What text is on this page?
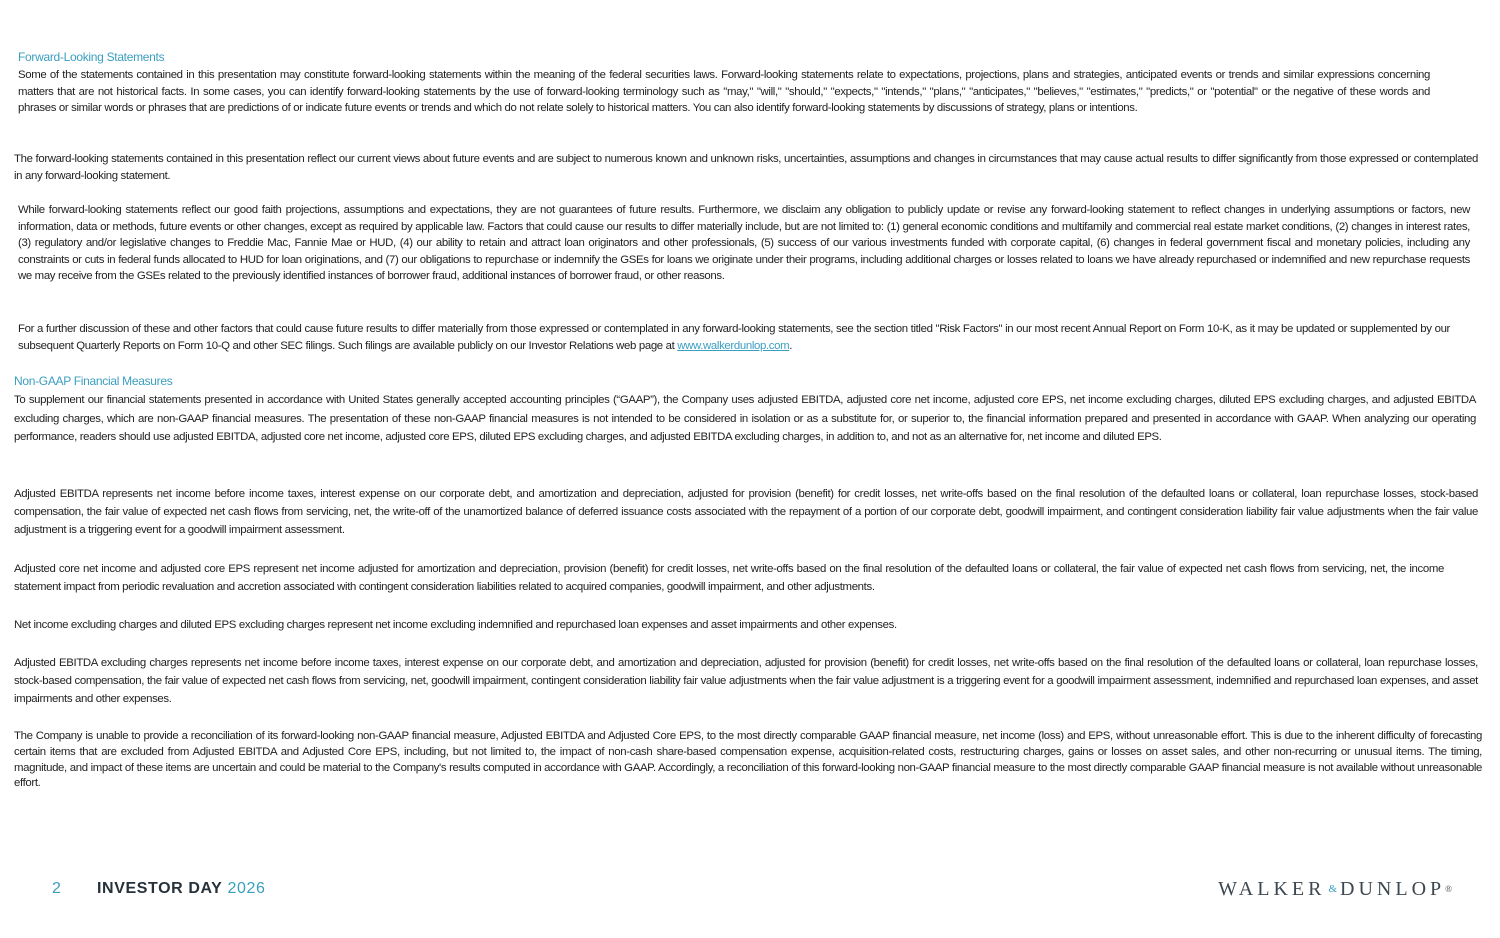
Forward-Looking Statements

Some of the statements contained in this presentation may constitute forward-looking statements within the meaning of the federal securities laws. Forward-looking statements relate to expectations, projections, plans and strategies, anticipated events or trends and similar expressions concerning matters that are not historical facts. In some cases, you can identify forward-looking statements by the use of forward-looking terminology such as "may," "will," "should," "expects," "intends," "plans," "anticipates," "believes," "estimates," "predicts," or "potential" or the negative of these words and phrases or similar words or phrases that are predictions of or indicate future events or trends and which do not relate solely to historical matters. You can also identify forward-looking statements by discussions of strategy, plans or intentions.

The forward-looking statements contained in this presentation reflect our current views about future events and are subject to numerous known and unknown risks, uncertainties, assumptions and changes in circumstances that may cause actual results to differ significantly from those expressed or contemplated in any forward-looking statement.

While forward-looking statements reflect our good faith projections, assumptions and expectations, they are not guarantees of future results. Furthermore, we disclaim any obligation to publicly update or revise any forward-looking statement to reflect changes in underlying assumptions or factors, new information, data or methods, future events or other changes, except as required by applicable law. Factors that could cause our results to differ materially include, but are not limited to: (1) general economic conditions and multifamily and commercial real estate market conditions, (2) changes in interest rates, (3) regulatory and/or legislative changes to Freddie Mac, Fannie Mae or HUD, (4) our ability to retain and attract loan originators and other professionals, (5) success of our various investments funded with corporate capital, (6) changes in federal government fiscal and monetary policies, including any constraints or cuts in federal funds allocated to HUD for loan originations, and (7) our obligations to repurchase or indemnify the GSEs for loans we originate under their programs, including additional charges or losses related to loans we have already repurchased or indemnified and new repurchase requests we may receive from the GSEs related to the previously identified instances of borrower fraud, additional instances of borrower fraud, or other reasons.

For a further discussion of these and other factors that could cause future results to differ materially from those expressed or contemplated in any forward-looking statements, see the section titled "Risk Factors" in our most recent Annual Report on Form 10-K, as it may be updated or supplemented by our subsequent Quarterly Reports on Form 10-Q and other SEC filings. Such filings are available publicly on our Investor Relations web page at www.walkerdunlop.com.

Non-GAAP Financial Measures

To supplement our financial statements presented in accordance with United States generally accepted accounting principles (“GAAP”), the Company uses adjusted EBITDA, adjusted core net income, adjusted core EPS, net income excluding charges, diluted EPS excluding charges, and adjusted EBITDA excluding charges, which are non-GAAP financial measures. The presentation of these non-GAAP financial measures is not intended to be considered in isolation or as a substitute for, or superior to, the financial information prepared and presented in accordance with GAAP. When analyzing our operating performance, readers should use adjusted EBITDA, adjusted core net income, adjusted core EPS, diluted EPS excluding charges, and adjusted EBITDA excluding charges, in addition to, and not as an alternative for, net income and diluted EPS.

Adjusted EBITDA represents net income before income taxes, interest expense on our corporate debt, and amortization and depreciation, adjusted for provision (benefit) for credit losses, net write-offs based on the final resolution of the defaulted loans or collateral, loan repurchase losses, stock-based compensation, the fair value of expected net cash flows from servicing, net, the write-off of the unamortized balance of deferred issuance costs associated with the repayment of a portion of our corporate debt, goodwill impairment, and contingent consideration liability fair value adjustments when the fair value adjustment is a triggering event for a goodwill impairment assessment.

Adjusted core net income and adjusted core EPS represent net income adjusted for amortization and depreciation, provision (benefit) for credit losses, net write-offs based on the final resolution of the defaulted loans or collateral, the fair value of expected net cash flows from servicing, net, the income statement impact from periodic revaluation and accretion associated with contingent consideration liabilities related to acquired companies, goodwill impairment, and other adjustments.

Net income excluding charges and diluted EPS excluding charges represent net income excluding indemnified and repurchased loan expenses and asset impairments and other expenses.

Adjusted EBITDA excluding charges represents net income before income taxes, interest expense on our corporate debt, and amortization and depreciation, adjusted for provision (benefit) for credit losses, net write-offs based on the final resolution of the defaulted loans or collateral, loan repurchase losses, stock-based compensation, the fair value of expected net cash flows from servicing, net, goodwill impairment, contingent consideration liability fair value adjustments when the fair value adjustment is a triggering event for a goodwill impairment assessment, indemnified and repurchased loan expenses, and asset impairments and other expenses.

The Company is unable to provide a reconciliation of its forward-looking non-GAAP financial measure, Adjusted EBITDA and Adjusted Core EPS, to the most directly comparable GAAP financial measure, net income (loss) and EPS, without unreasonable effort. This is due to the inherent difficulty of forecasting certain items that are excluded from Adjusted EBITDA and Adjusted Core EPS, including, but not limited to, the impact of non-cash share-based compensation expense, acquisition-related costs, restructuring charges, gains or losses on asset sales, and other non-recurring or unusual items. The timing, magnitude, and impact of these items are uncertain and could be material to the Company's results computed in accordance with GAAP. Accordingly, a reconciliation of this forward-looking non-GAAP financial measure to the most directly comparable GAAP financial measure is not available without unreasonable effort.

2 INVESTOR DAY 2026	WALKER & DUNLOP ®
